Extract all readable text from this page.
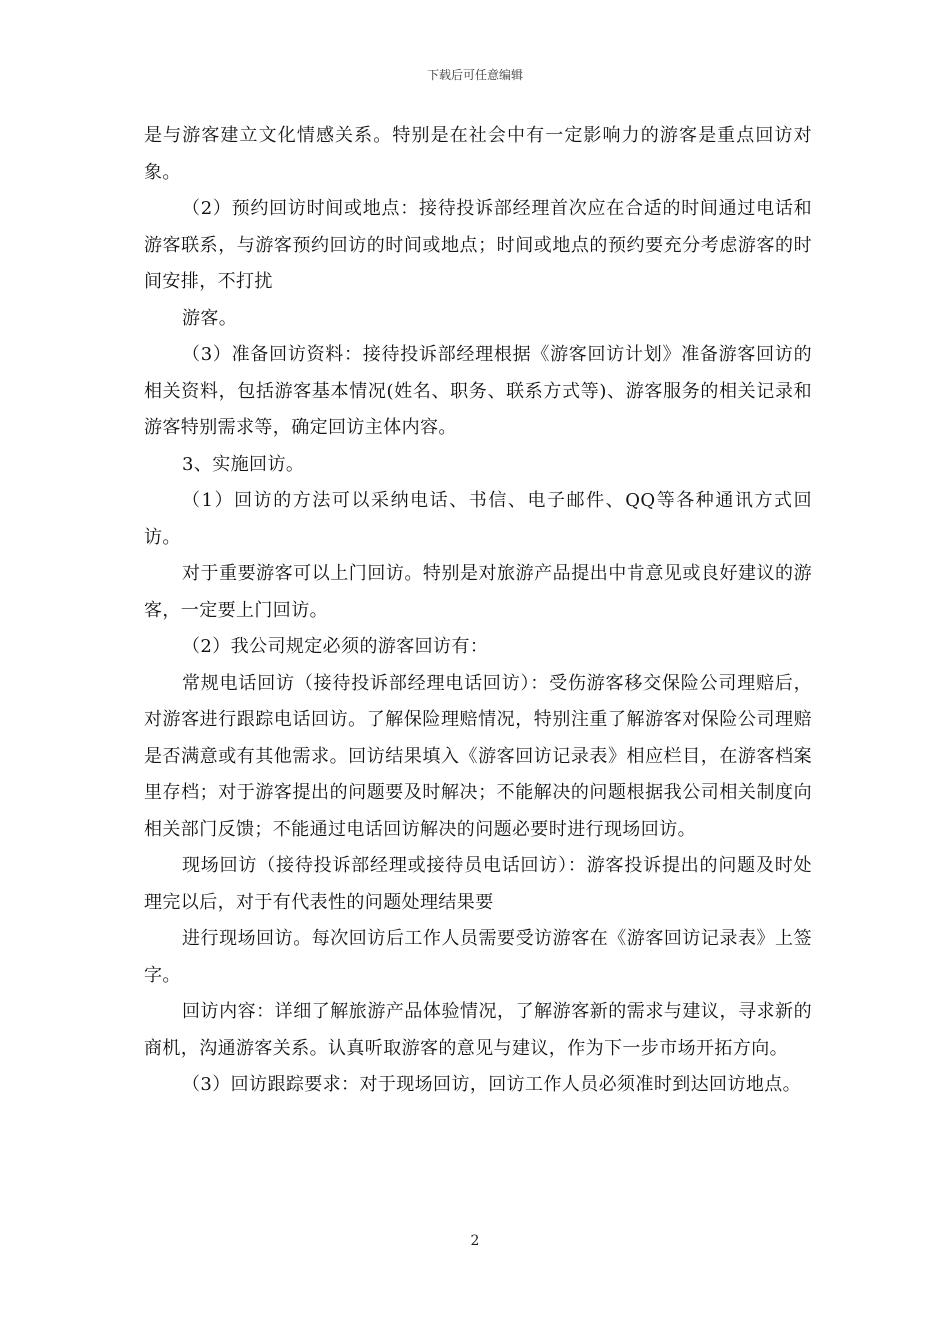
下载后可任意编辑

是与游客建立文化情感关系。特别是在社会中有一定影响力的游客是重点回访对象。

（2）预约回访时间或地点：接待投诉部经理首次应在合适的时间通过电话和游客联系，与游客预约回访的时间或地点；时间或地点的预约要充分考虑游客的时间安排，不打扰

游客。

（3）准备回访资料：接待投诉部经理根据《游客回访计划》准备游客回访的相关资料，包括游客基本情况(姓名、职务、联系方式等)、游客服务的相关记录和游客特别需求等，确定回访主体内容。

3、实施回访。

（1）回访的方法可以采纳电话、书信、电子邮件、QQ等各种通讯方式回访。

对于重要游客可以上门回访。特别是对旅游产品提出中肯意见或良好建议的游客，一定要上门回访。

（2）我公司规定必须的游客回访有：

常规电话回访（接待投诉部经理电话回访）：受伤游客移交保险公司理赔后，对游客进行跟踪电话回访。了解保险理赔情况，特别注重了解游客对保险公司理赔是否满意或有其他需求。回访结果填入《游客回访记录表》相应栏目，在游客档案里存档；对于游客提出的问题要及时解决；不能解决的问题根据我公司相关制度向相关部门反馈；不能通过电话回访解决的问题必要时进行现场回访。

现场回访（接待投诉部经理或接待员电话回访）：游客投诉提出的问题及时处理完以后，对于有代表性的问题处理结果要

进行现场回访。每次回访后工作人员需要受访游客在《游客回访记录表》上签字。

回访内容：详细了解旅游产品体验情况，了解游客新的需求与建议，寻求新的商机，沟通游客关系。认真听取游客的意见与建议，作为下一步市场开拓方向。

（3）回访跟踪要求：对于现场回访，回访工作人员必须准时到达回访地点。

2
